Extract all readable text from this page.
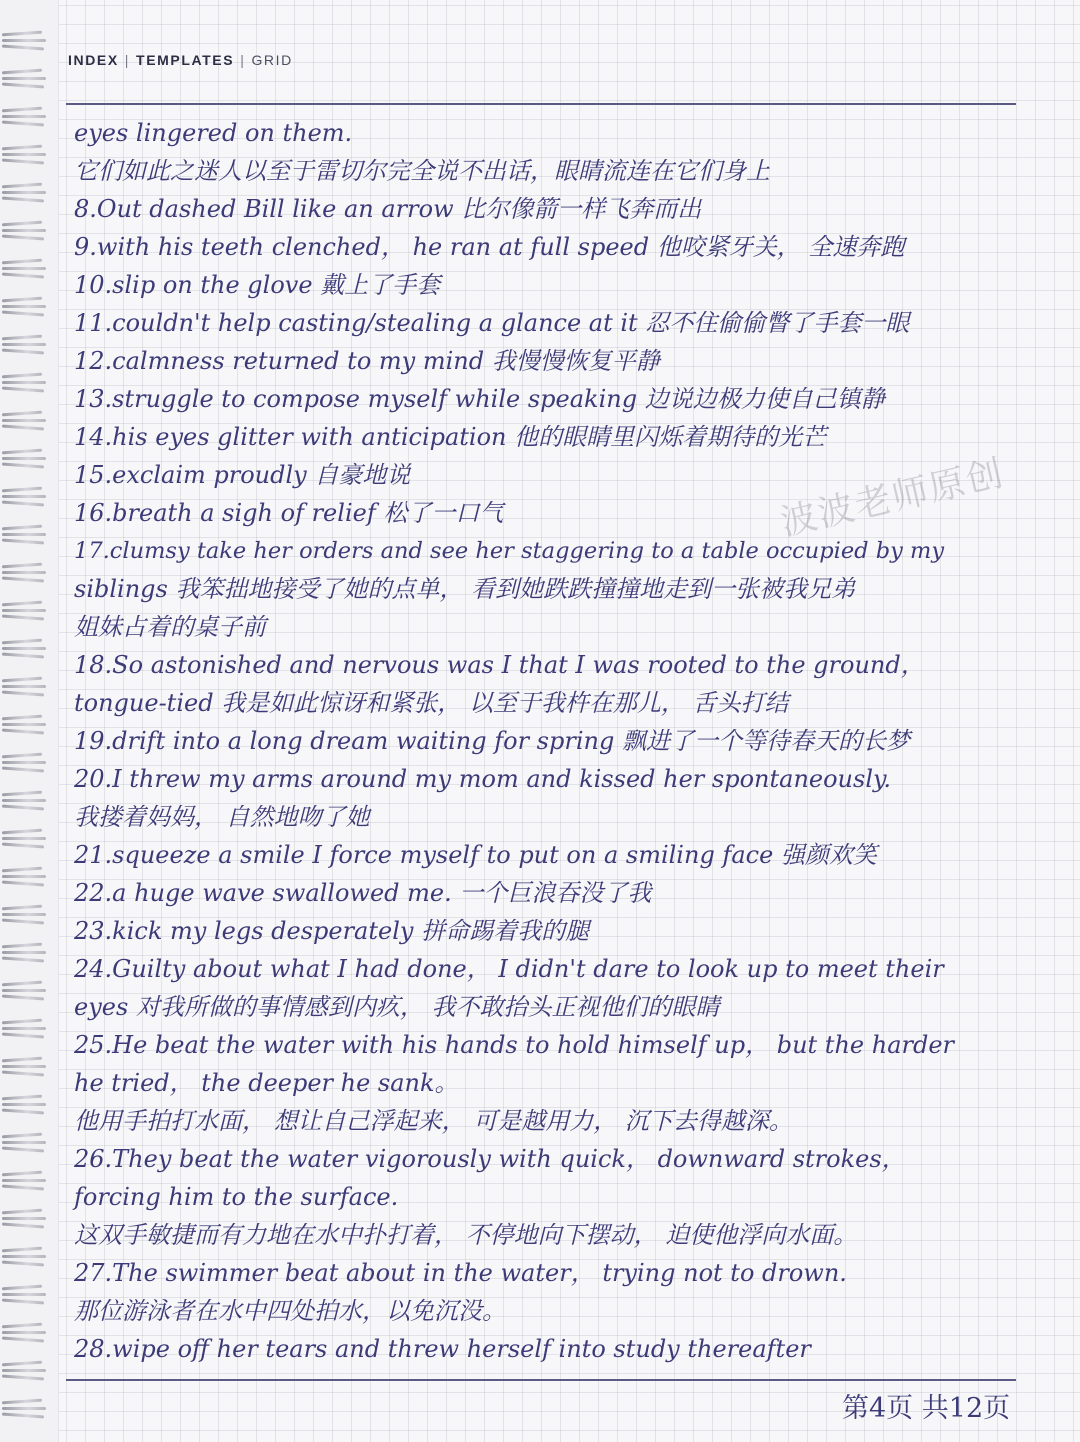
INDEX | TEMPLATES | GRID
eyes lingered on them.
它们如此之迷人以至于雷切尔完全说不出话，眼睛流连在它们身上
8.Out dashed Bill like an arrow 比尔像箭一样飞奔而出
9.with his teeth clenched， he ran at full speed 他咬紧牙关， 全速奔跑
10.slip on the glove 戴上了手套
11.couldn't help casting/stealing a glance at it 忍不住偷偷瞥了手套一眼
12.calmness returned to my mind 我慢慢恢复平静
13.struggle to compose myself while speaking 边说边极力使自己镇静
14.his eyes glitter with anticipation 他的眼睛里闪烁着期待的光芒
15.exclaim proudly 自豪地说
16.breath a sigh of relief 松了一口气
17.clumsy take her orders and see her staggering to a table occupied by my
siblings 我笨拙地接受了她的点单， 看到她跌跌撞撞地走到一张被我兄弟
姐妹占着的桌子前
18.So astonished and nervous was I that I was rooted to the ground，
tongue-tied 我是如此惊讶和紧张， 以至于我杵在那儿， 舌头打结
19.drift into a long dream waiting for spring 飘进了一个等待春天的长梦
20.I threw my arms around my mom and kissed her spontaneously.
我搂着妈妈， 自然地吻了她
21.squeeze a smile I force myself to put on a smiling face 强颜欢笑
22.a huge wave swallowed me. 一个巨浪吞没了我
23.kick my legs desperately 拼命踢着我的腿
24.Guilty about what I had done， I didn't dare to look up to meet their
eyes 对我所做的事情感到内疚， 我不敢抬头正视他们的眼睛
25.He beat the water with his hands to hold himself up， but the harder
he tried， the deeper he sank。
他用手拍打水面， 想让自己浮起来， 可是越用力， 沉下去得越深。
26.They beat the water vigorously with quick， downward strokes，
forcing him to the surface.
这双手敏捷而有力地在水中扑打着， 不停地向下摆动， 迫使他浮向水面。
27.The swimmer beat about in the water， trying not to drown.
那位游泳者在水中四处拍水，以免沉没。
28.wipe off her tears and threw herself into study thereafter
波波老师原创
第4页 共12页
